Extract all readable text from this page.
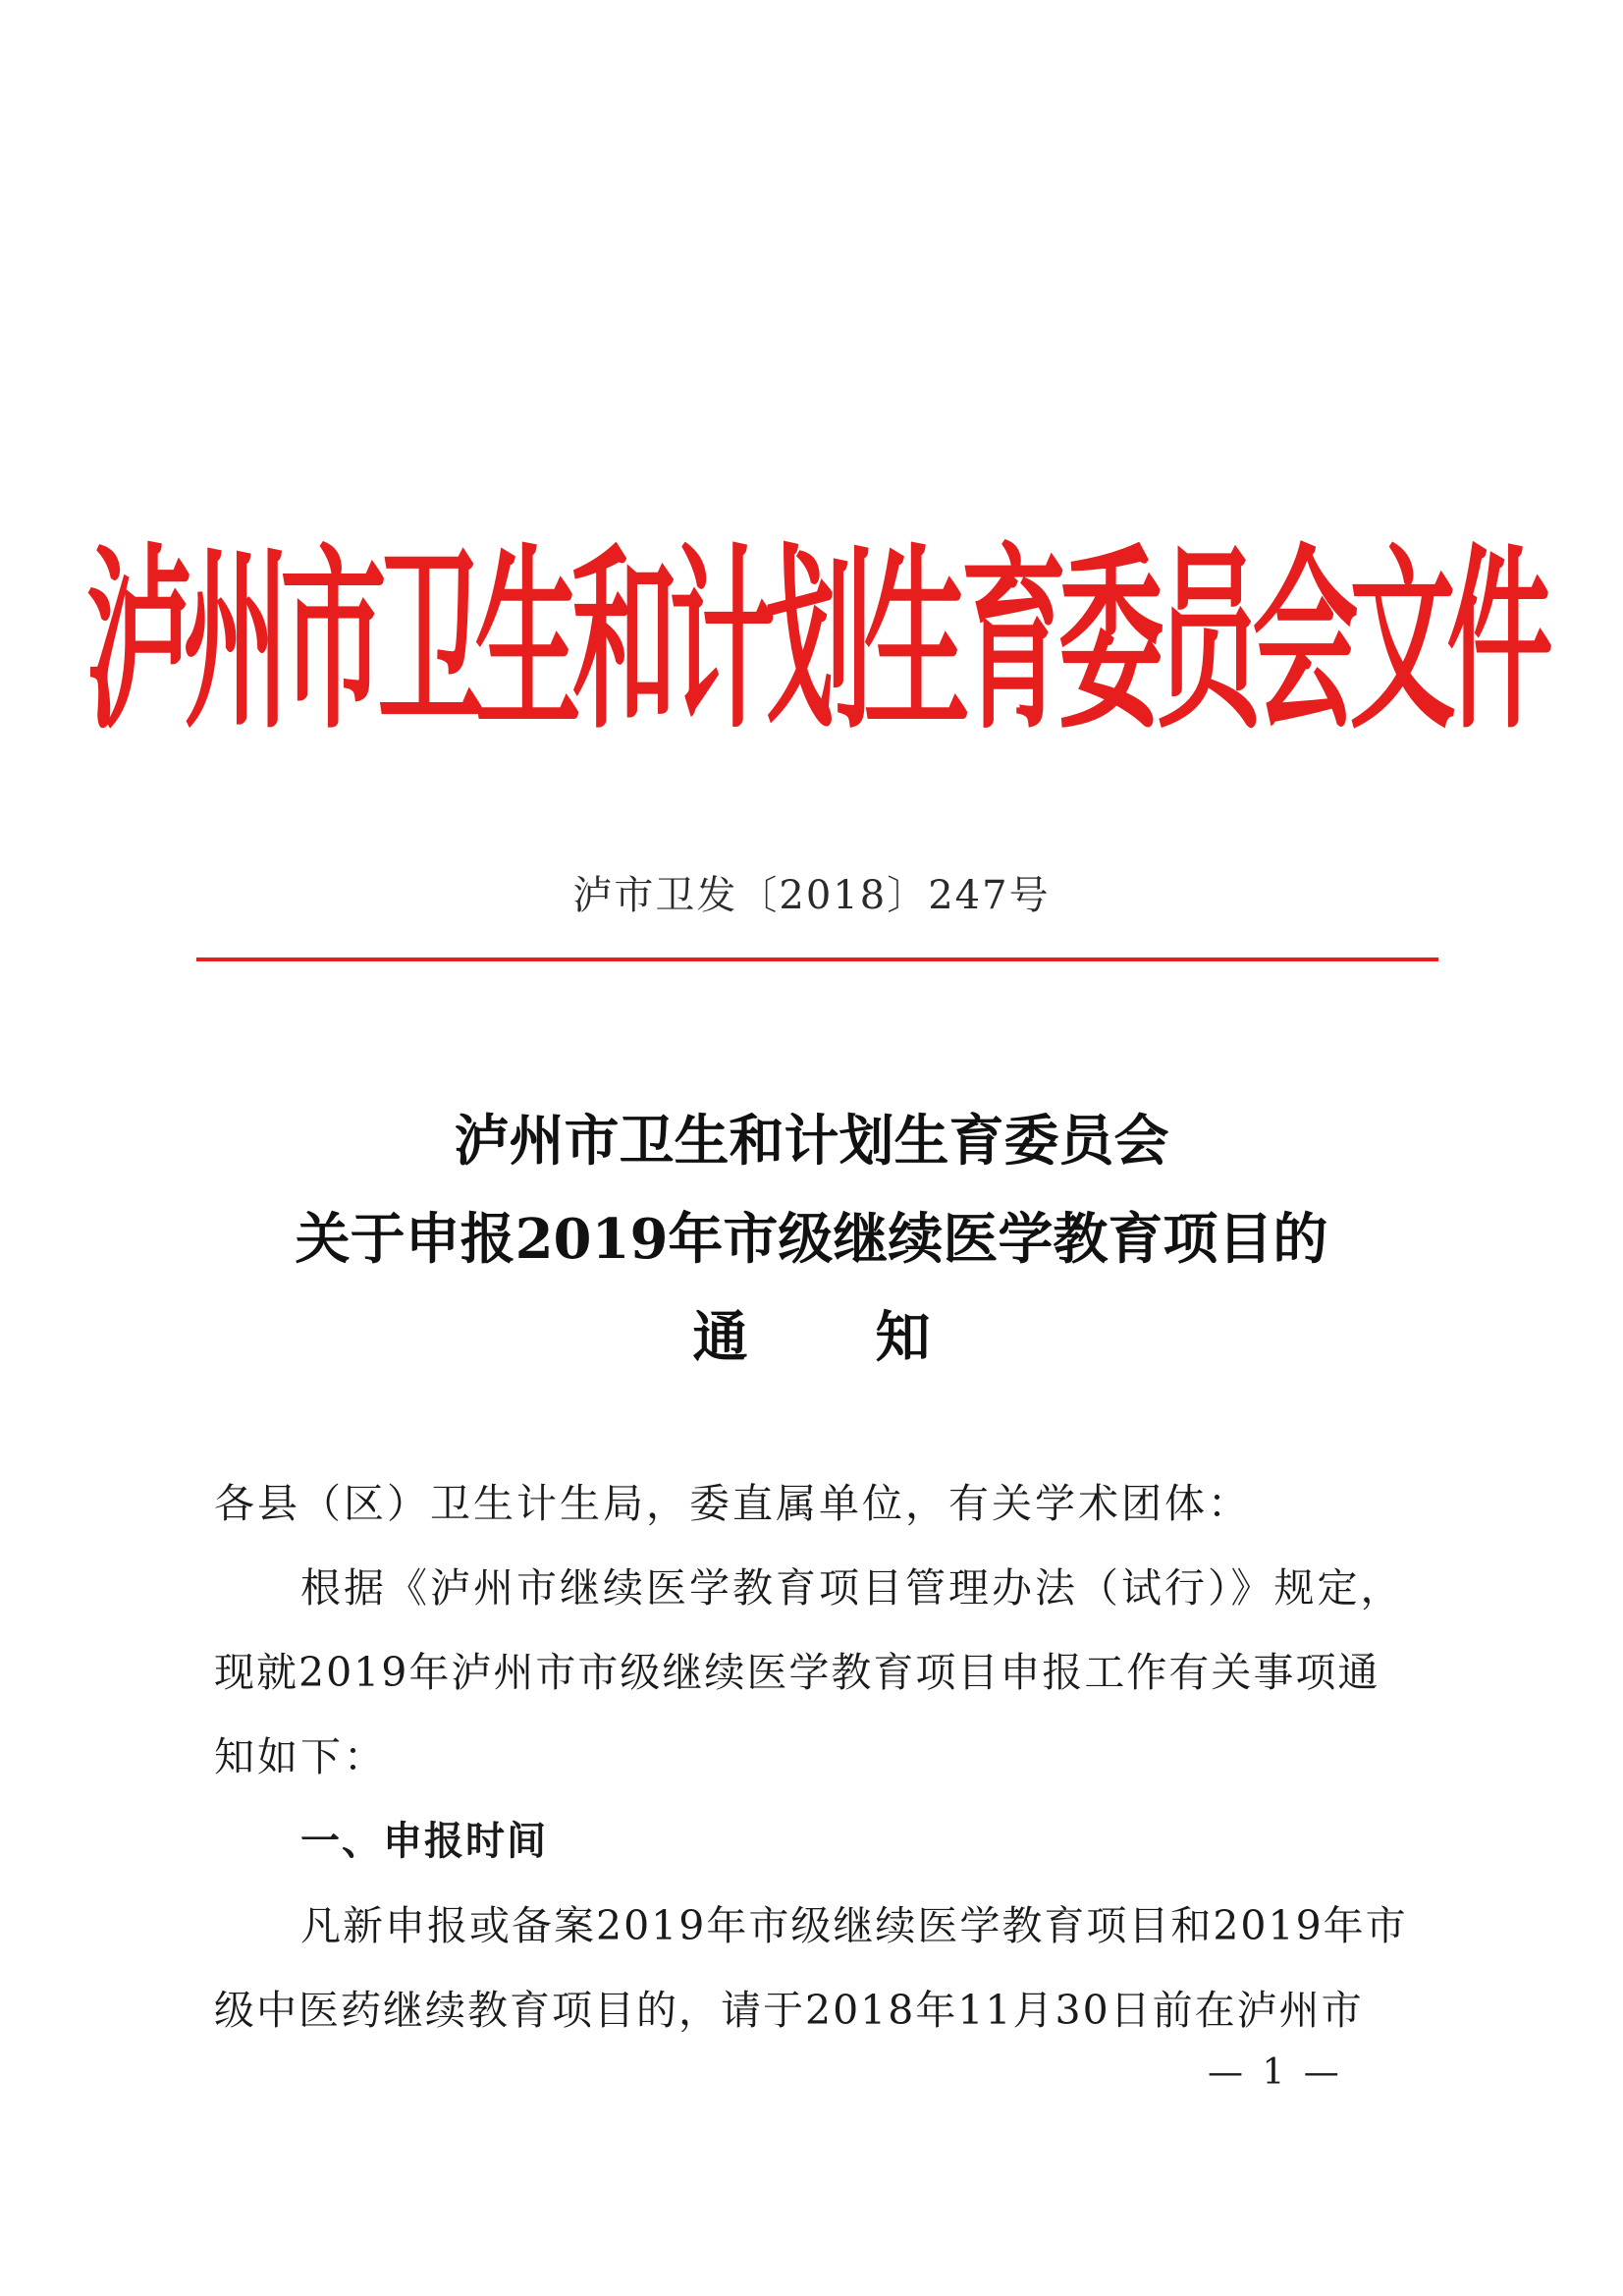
泸州市卫生和计划生育委员会文件
泸市卫发〔2018〕247号
泸州市卫生和计划生育委员会
关于申报2019年市级继续医学教育项目的
通知
各县（区）卫生计生局，委直属单位，有关学术团体：
根据《泸州市继续医学教育项目管理办法（试行）》规定，
现就2019年泸州市市级继续医学教育项目申报工作有关事项通
知如下：
一、申报时间
凡新申报或备案2019年市级继续医学教育项目和2019年市
级中医药继续教育项目的，请于2018年11月30日前在泸州市
— 1 —
